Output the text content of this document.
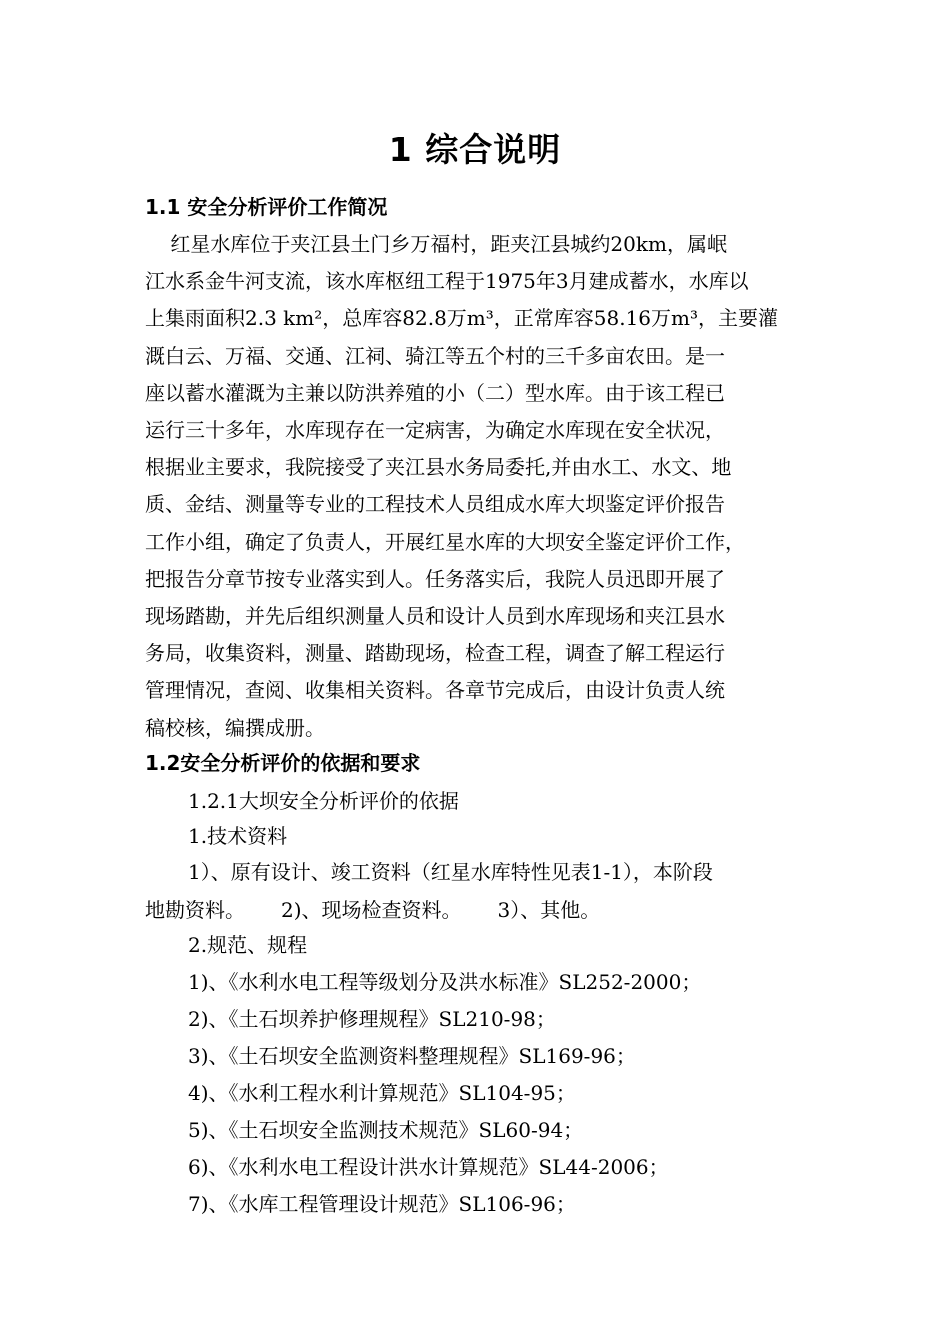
1 综合说明
1.1 安全分析评价工作简况
红星水库位于夹江县土门乡万福村，距夹江县城约20km，属岷
江水系金牛河支流，该水库枢纽工程于1975年3月建成蓄水，水库以
上集雨面积2.3 km²，总库容82.8万m³，正常库容58.16万m³，主要灌
溉白云、万福、交通、江祠、骑江等五个村的三千多亩农田。是一
座以蓄水灌溉为主兼以防洪养殖的小（二）型水库。由于该工程已
运行三十多年，水库现存在一定病害，为确定水库现在安全状况，
根据业主要求，我院接受了夹江县水务局委托,并由水工、水文、地
质、金结、测量等专业的工程技术人员组成水库大坝鉴定评价报告
工作小组，确定了负责人，开展红星水库的大坝安全鉴定评价工作，
把报告分章节按专业落实到人。任务落实后，我院人员迅即开展了
现场踏勘，并先后组织测量人员和设计人员到水库现场和夹江县水
务局，收集资料，测量、踏勘现场，检查工程，调查了解工程运行
管理情况，查阅、收集相关资料。各章节完成后，由设计负责人统
稿校核，编撰成册。
1.2安全分析评价的依据和要求
1.2.1大坝安全分析评价的依据
1.技术资料
1）、原有设计、竣工资料（红星水库特性见表1-1），本阶段
地勘资料。 2)、现场检查资料。 3）、其他。
2.规范、规程
1)、《水利水电工程等级划分及洪水标准》SL252-2000；
2)、《土石坝养护修理规程》SL210-98；
3)、《土石坝安全监测资料整理规程》SL169-96；
4)、《水利工程水利计算规范》SL104-95；
5)、《土石坝安全监测技术规范》SL60-94；
6)、《水利水电工程设计洪水计算规范》SL44-2006；
7)、《水库工程管理设计规范》SL106-96；
